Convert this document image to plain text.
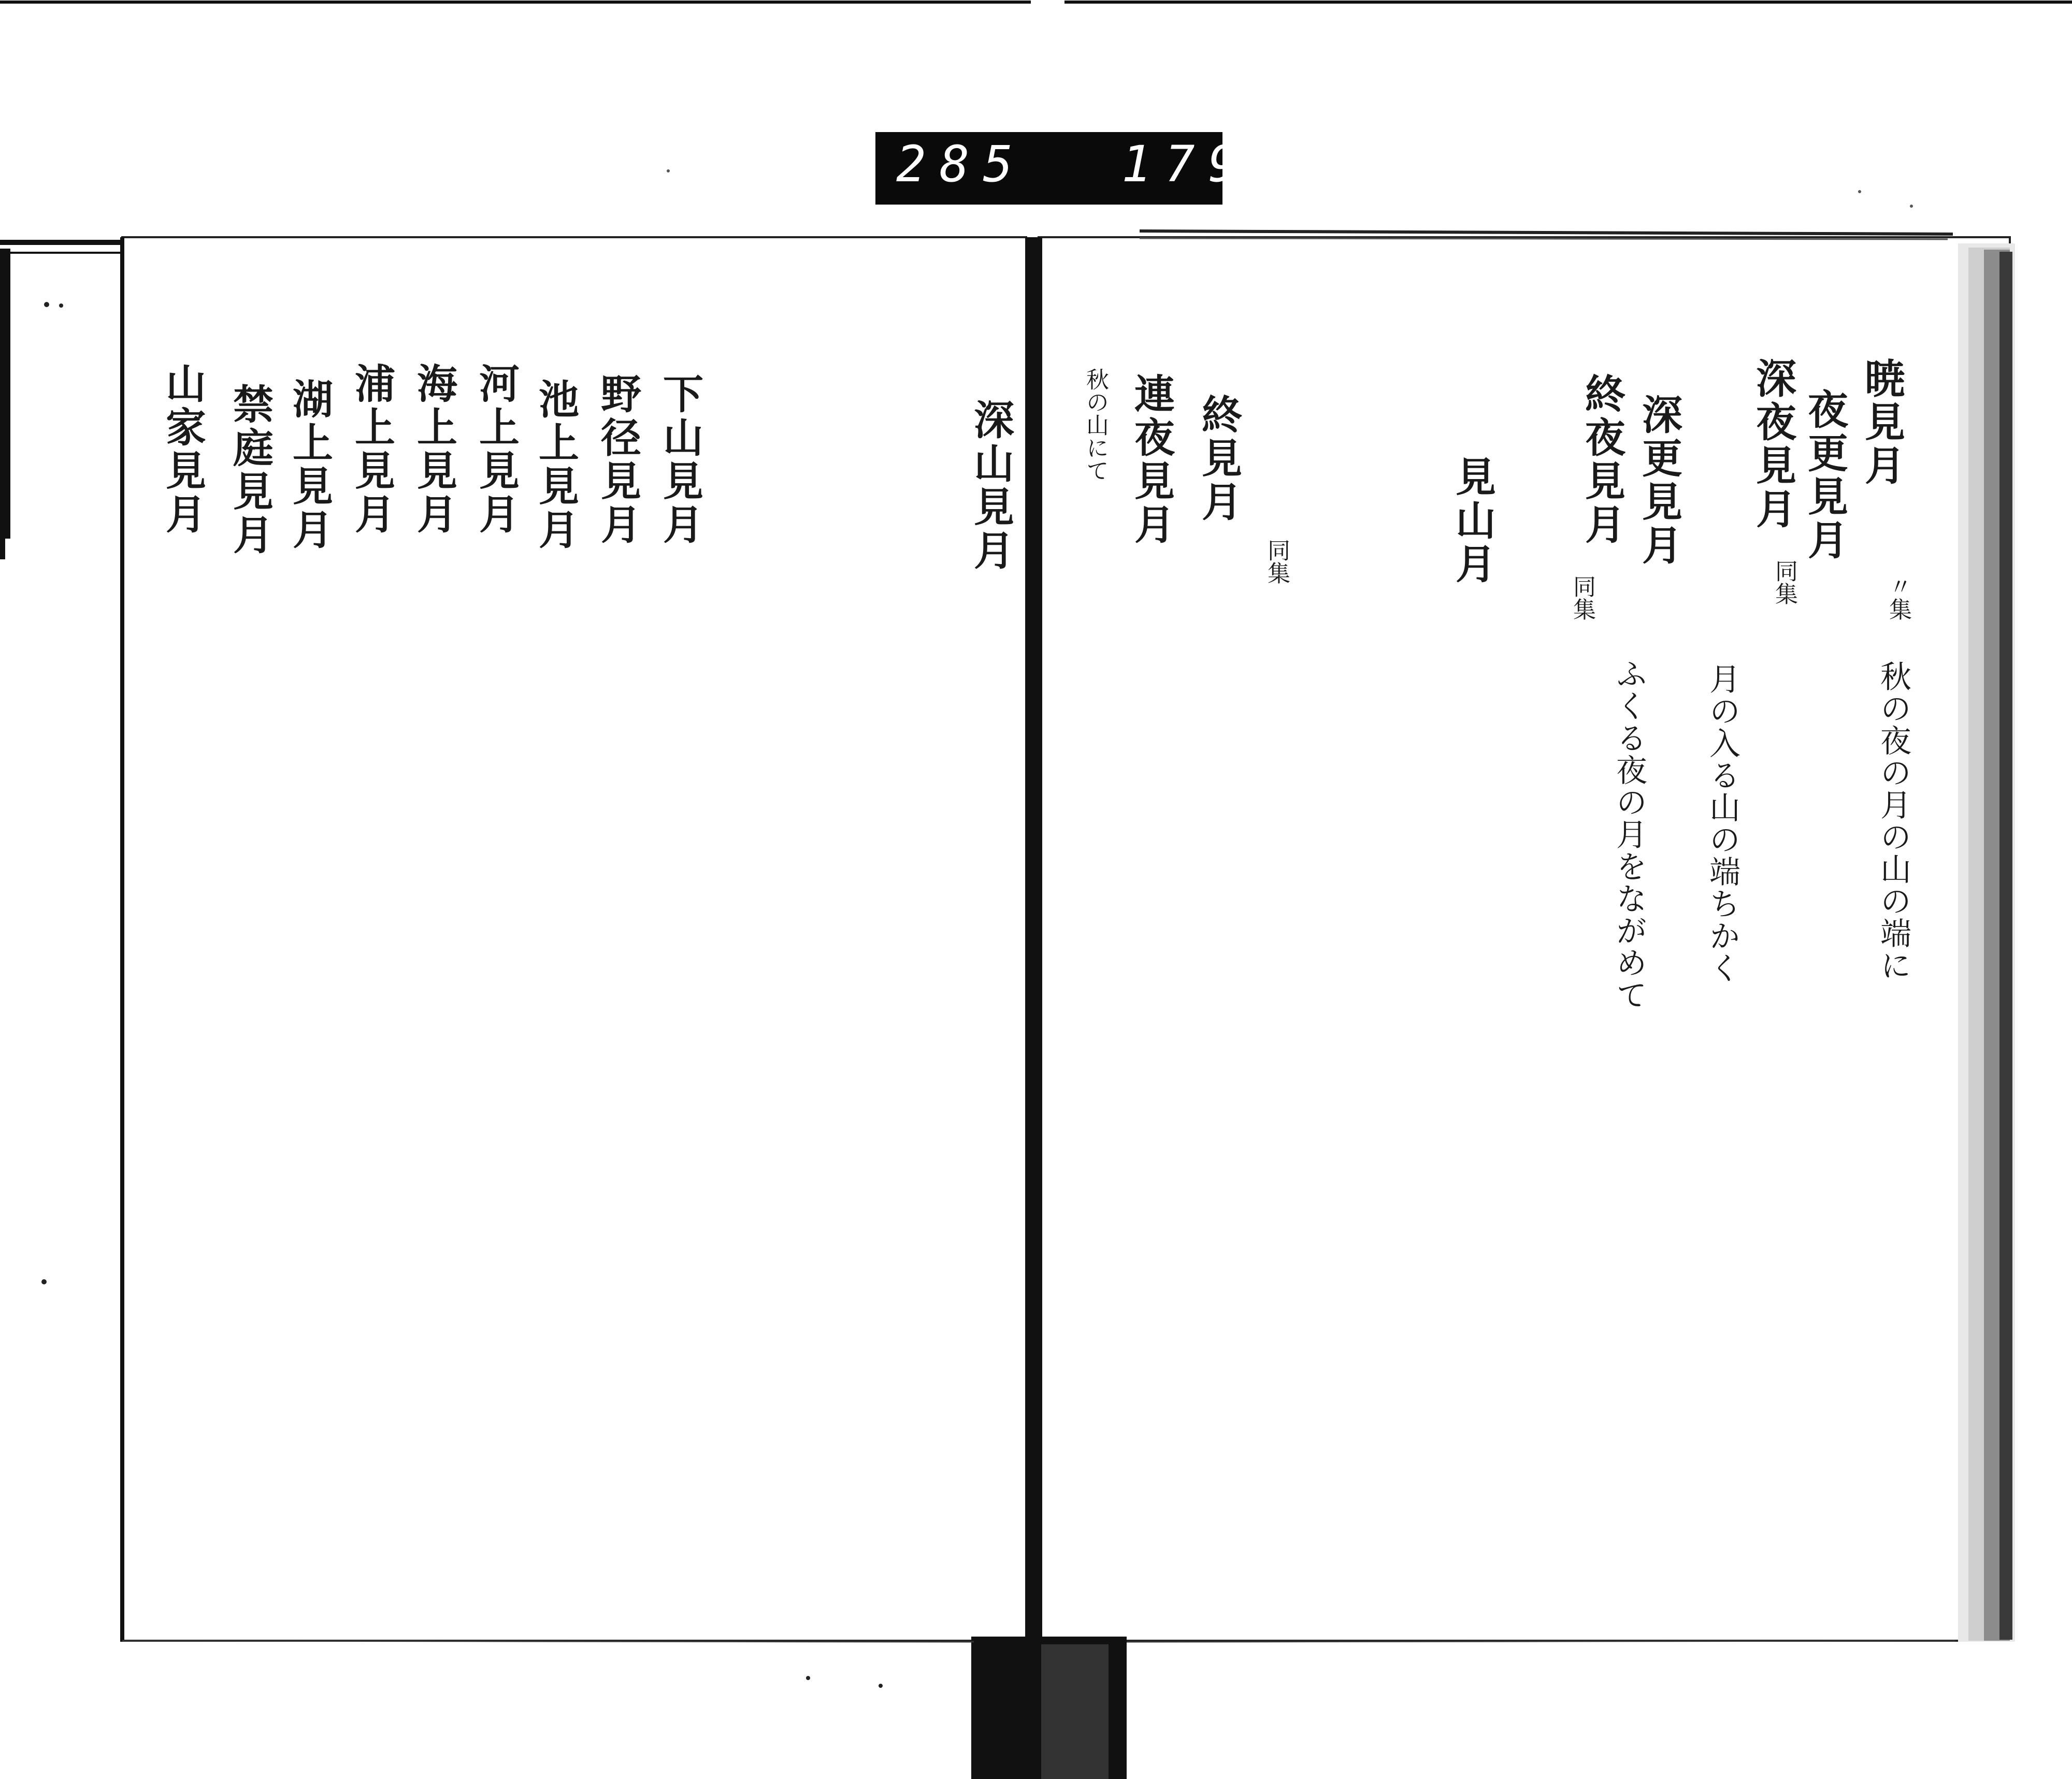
285 179
暁見月
〃集
秋の夜の月の山の端に
夜更見月
月の入る山の端ちかく
深夜見月
同集
ふくる夜の月をながめて
深更見月
終夜見月
同集
見山月
同集
終見月
連夜見月
秋の山にて
深山見月
下山見月
野径見月
池上見月
河上見月
海上見月
浦上見月
湖上見月
禁庭見月
山家見月
